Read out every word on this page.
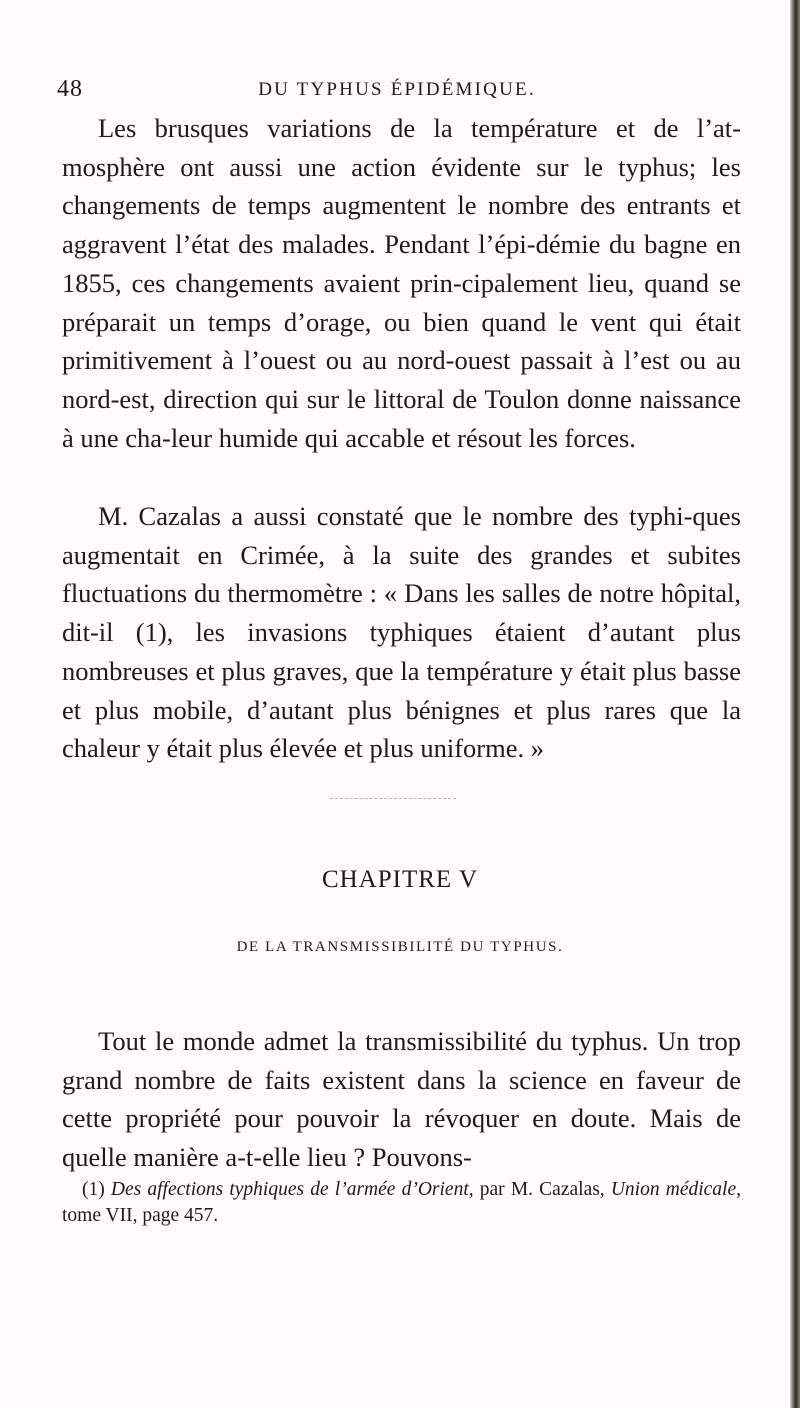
48	DU TYPHUS ÉPIDÉMIQUE.

Les brusques variations de la température et de l’at-mosphère ont aussi une action évidente sur le typhus; les changements de temps augmentent le nombre des entrants et aggravent l’état des malades. Pendant l’épi-démie du bagne en 1855, ces changements avaient prin-cipalement lieu, quand se préparait un temps d’orage, ou bien quand le vent qui était primitivement à l’ouest ou au nord-ouest passait à l’est ou au nord-est, direction qui sur le littoral de Toulon donne naissance à une cha-leur humide qui accable et résout les forces.

M. Cazalas a aussi constaté que le nombre des typhi-ques augmentait en Crimée, à la suite des grandes et subites fluctuations du thermomètre : « Dans les salles de notre hôpital, dit-il (1), les invasions typhiques étaient d’autant plus nombreuses et plus graves, que la température y était plus basse et plus mobile, d’autant plus bénignes et plus rares que la chaleur y était plus élevée et plus uniforme. »

CHAPITRE V
DE LA TRANSMISSIBILITÉ DU TYPHUS.

Tout le monde admet la transmissibilité du typhus. Un trop grand nombre de faits existent dans la science en faveur de cette propriété pour pouvoir la révoquer en doute. Mais de quelle manière a-t-elle lieu ? Pouvons-

(1) Des affections typhiques de l’armée d’Orient, par M. Cazalas, Union médicale, tome VII, page 457.
